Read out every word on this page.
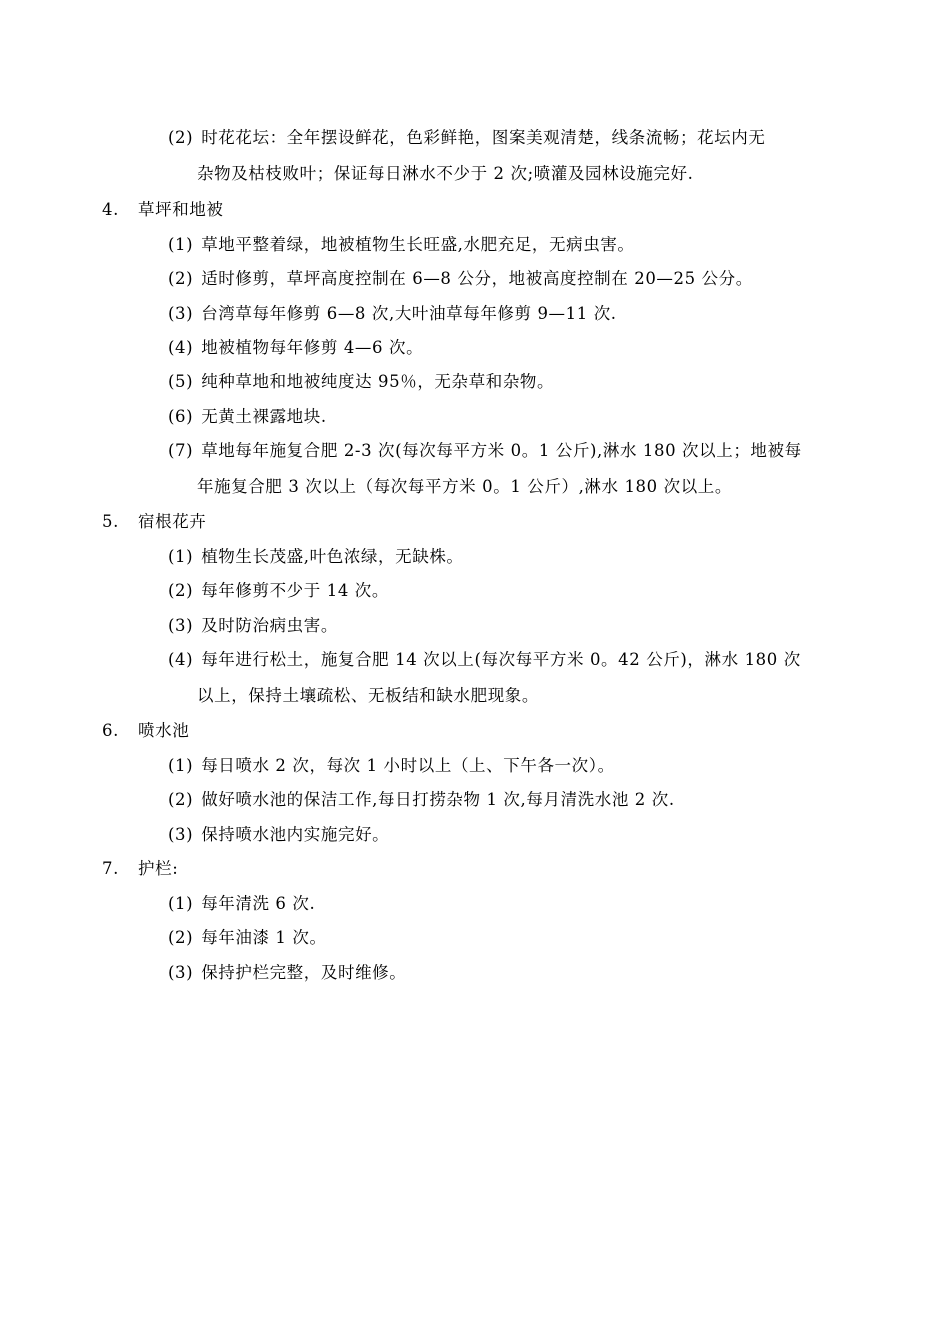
(2) 时花花坛：全年摆设鲜花，色彩鲜艳，图案美观清楚，线条流畅；花坛内无
杂物及枯枝败叶；保证每日淋水不少于 2 次;喷灌及园林设施完好.
4. 草坪和地被
(1) 草地平整着绿，地被植物生长旺盛,水肥充足，无病虫害。
(2) 适时修剪，草坪高度控制在 6—8 公分，地被高度控制在 20—25 公分。
(3) 台湾草每年修剪 6—8 次,大叶油草每年修剪 9—11 次.
(4) 地被植物每年修剪 4—6 次。
(5) 纯种草地和地被纯度达 95％，无杂草和杂物。
(6) 无黄土裸露地块.
(7) 草地每年施复合肥 2-3 次(每次每平方米 0。1 公斤),淋水 180 次以上；地被每
年施复合肥 3 次以上（每次每平方米 0。1 公斤）,淋水 180 次以上。
5. 宿根花卉
(1) 植物生长茂盛,叶色浓绿，无缺株。
(2) 每年修剪不少于 14 次。
(3) 及时防治病虫害。
(4) 每年进行松土，施复合肥 14 次以上(每次每平方米 0。42 公斤)，淋水 180 次
以上，保持土壤疏松、无板结和缺水肥现象。
6. 喷水池
(1) 每日喷水 2 次，每次 1 小时以上（上、下午各一次）。
(2) 做好喷水池的保洁工作,每日打捞杂物 1 次,每月清洗水池 2 次.
(3) 保持喷水池内实施完好。
7. 护栏:
(1) 每年清洗 6 次.
(2) 每年油漆 1 次。
(3) 保持护栏完整，及时维修。
